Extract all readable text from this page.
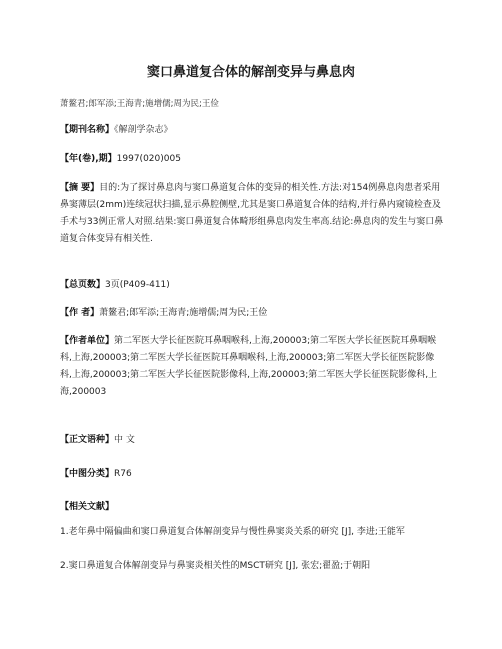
窦口鼻道复合体的解剖变异与鼻息肉
萧鳌君;郎军添;王海青;施增儒;周为民;王俭
【期刊名称】《解剖学杂志》
【年(卷),期】1997(020)005
【摘 要】目的:为了探讨鼻息肉与窦口鼻道复合体的变异的相关性.方法:对154例鼻息肉患者采用鼻窦薄层(2mm)连续冠状扫描,显示鼻腔侧壁,尤其是窦口鼻道复合体的结构,并行鼻内窥镜检查及手术与33例正常人对照.结果:窦口鼻道复合体畸形组鼻息肉发生率高.结论:鼻息肉的发生与窦口鼻道复合体变异有相关性.
【总页数】3页(P409-411)
【作 者】萧鳌君;郎军添;王海青;施增儒;周为民;王俭
【作者单位】第二军医大学长征医院耳鼻咽喉科,上海,200003;第二军医大学长征医院耳鼻咽喉科,上海,200003;第二军医大学长征医院耳鼻咽喉科,上海,200003;第二军医大学长征医院影像科,上海,200003;第二军医大学长征医院影像科,上海,200003;第二军医大学长征医院影像科,上海,200003
【正文语种】中 文
【中图分类】R76
【相关文献】
1.老年鼻中隔偏曲和窦口鼻道复合体解剖变异与慢性鼻窦炎关系的研究 [J], 李进;王能军
2.窦口鼻道复合体解剖变异与鼻窦炎相关性的MSCT研究 [J], 张宏;翟盈;于朝阳
